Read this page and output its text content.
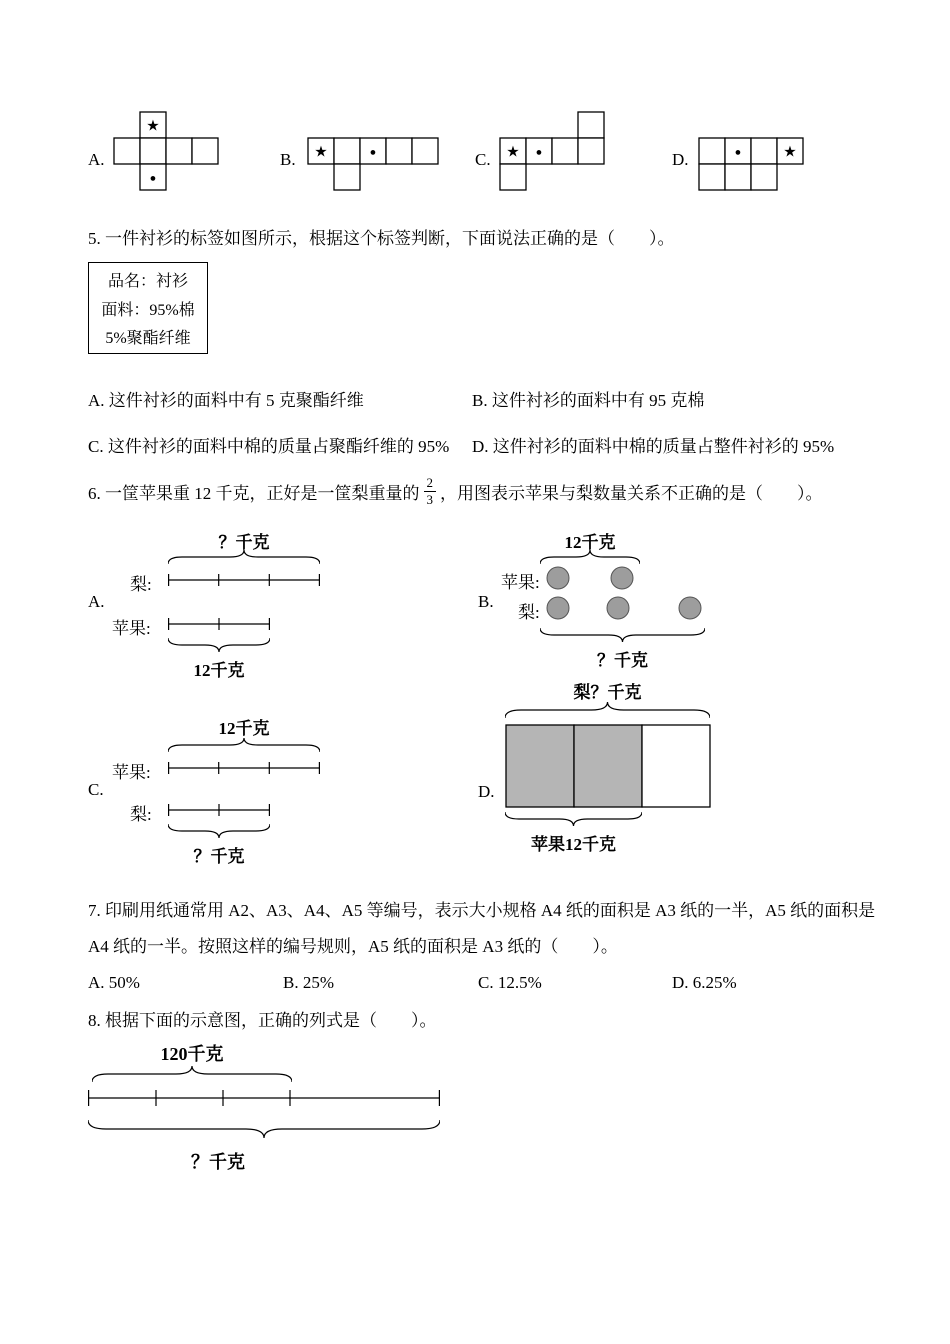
A.
★
●
B. ★	●	C. ★ ●	D.	●	★
5. 一件衬衫的标签如图所示，根据这个标签判断，下面说法正确的是（　　）。
品名：衬衫
面料：95%棉
5%聚酯纤维
A. 这件衬衫的面料中有 5 克聚酯纤维	B. 这件衬衫的面料中有 95 克棉
C. 这件衬衫的面料中棉的质量占聚酯纤维的 95% D. 这件衬衫的面料中棉的质量占整件衬衫的 95%
6. 一筐苹果重 12 千克，正好是一筐梨重量的 $\frac{2}{3}$ ，用图表示苹果与梨数量关系不正确的是（　　）。
A.
？千克
梨:
苹果:
12千克
B.
12千克
苹果:
梨:
？千克
C.
12千克
苹果:
梨:
？千克
D.
梨？千克
苹果12千克
7. 印刷用纸通常用 A2、A3、A4、A5 等编号，表示大小规格 A4 纸的面积是 A3 纸的一半，A5 纸的面积是
A4 纸的一半。按照这样的编号规则，A5 纸的面积是 A3 纸的（　　）。
A. 50%	B. 25%	C. 12.5%	D. 6.25%
8. 根据下面的示意图，正确的列式是（　　）。
120千克
？千克
